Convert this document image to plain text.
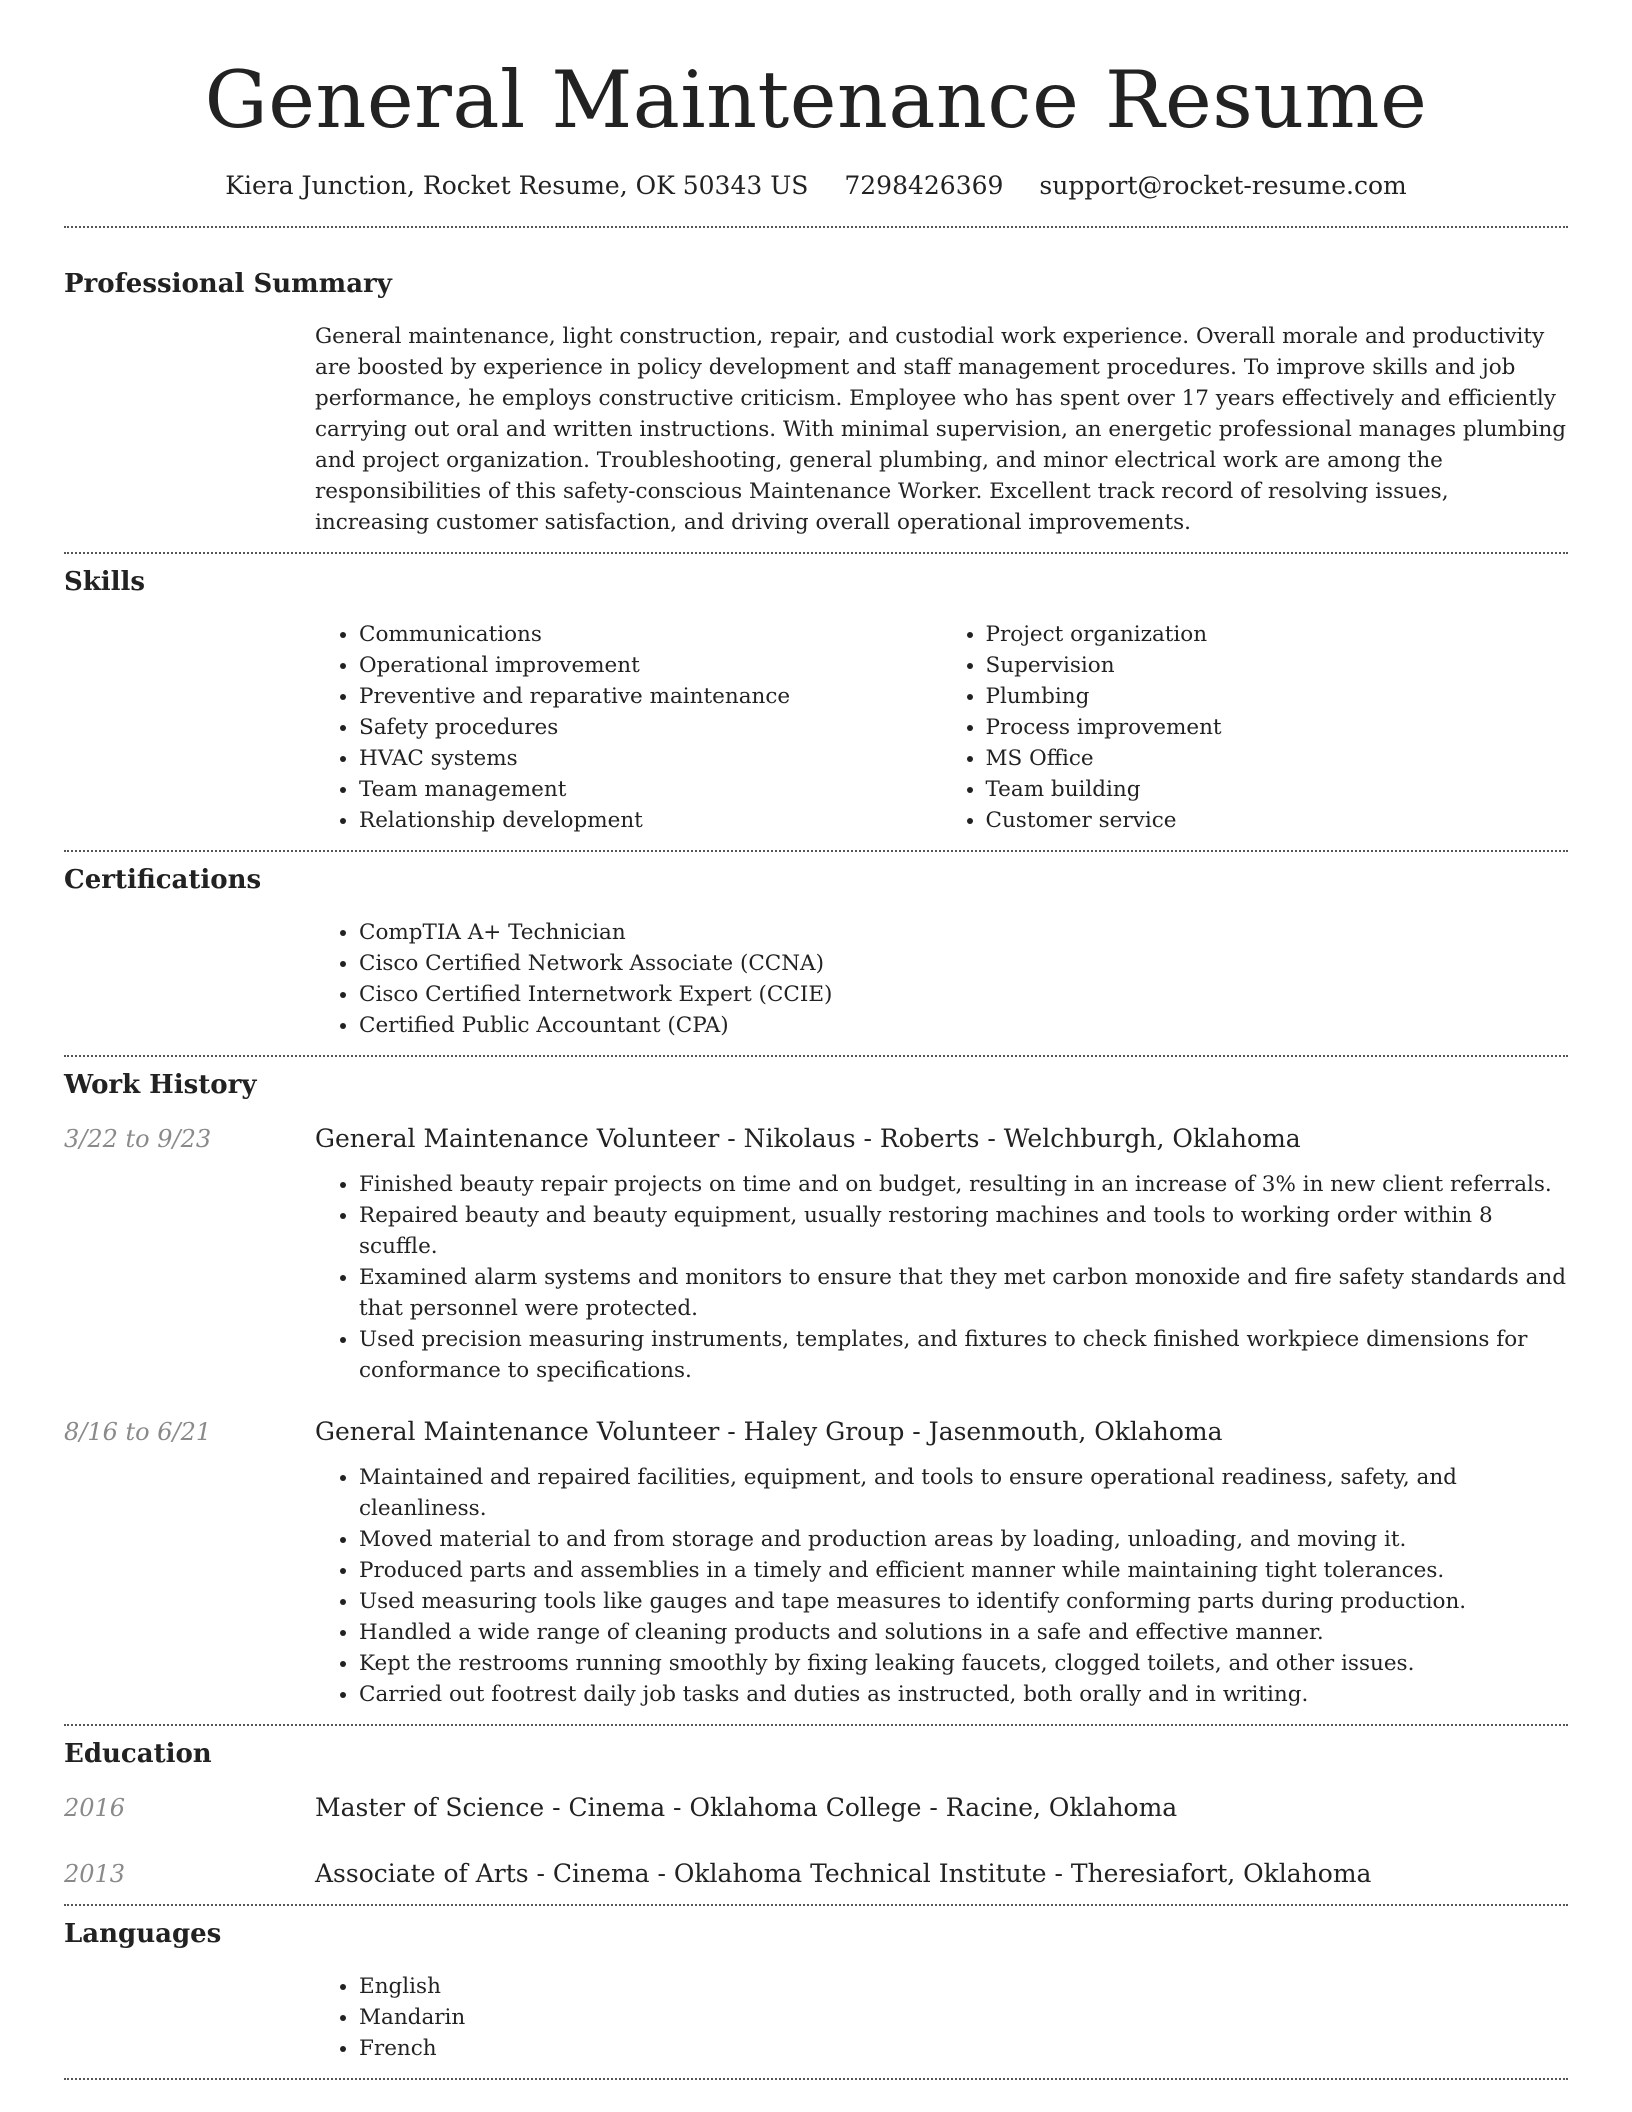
General Maintenance Resume
Kiera Junction, Rocket Resume, OK 50343 US 7298426369 support@rocket-resume.com
Professional Summary

General maintenance, light construction, repair, and custodial work experience. Overall morale and productivity are boosted by experience in policy development and staff management procedures. To improve skills and job performance, he employs constructive criticism. Employee who has spent over 17 years effectively and efficiently carrying out oral and written instructions. With minimal supervision, an energetic professional manages plumbing and project organization. Troubleshooting, general plumbing, and minor electrical work are among the responsibilities of this safety-conscious Maintenance Worker. Excellent track record of resolving issues, increasing customer satisfaction, and driving overall operational improvements.

Skills
• Communications
• Operational improvement
• Preventive and reparative maintenance
• Safety procedures
• HVAC systems
• Team management
• Relationship development
• Project organization
• Supervision
• Plumbing
• Process improvement
• MS Office
• Team building
• Customer service
Certifications
• CompTIA A+ Technician
• Cisco Certified Network Associate (CCNA)
• Cisco Certified Internetwork Expert (CCIE)
• Certified Public Accountant (CPA)
Work History
3/22 to 9/23	General Maintenance Volunteer - Nikolaus - Roberts - Welchburgh, Oklahoma
• Finished beauty repair projects on time and on budget, resulting in an increase of 3% in new client referrals.
• Repaired beauty and beauty equipment, usually restoring machines and tools to working order within 8 scuffle.
• Examined alarm systems and monitors to ensure that they met carbon monoxide and fire safety standards and that personnel were protected.
• Used precision measuring instruments, templates, and fixtures to check finished workpiece dimensions for conformance to specifications.
8/16 to 6/21	General Maintenance Volunteer - Haley Group - Jasenmouth, Oklahoma
• Maintained and repaired facilities, equipment, and tools to ensure operational readiness, safety, and cleanliness.
• Moved material to and from storage and production areas by loading, unloading, and moving it.
• Produced parts and assemblies in a timely and efficient manner while maintaining tight tolerances.
• Used measuring tools like gauges and tape measures to identify conforming parts during production.
• Handled a wide range of cleaning products and solutions in a safe and effective manner.
• Kept the restrooms running smoothly by fixing leaking faucets, clogged toilets, and other issues.
• Carried out footrest daily job tasks and duties as instructed, both orally and in writing.
Education
2016	Master of Science - Cinema - Oklahoma College - Racine, Oklahoma
2013	Associate of Arts - Cinema - Oklahoma Technical Institute - Theresiafort, Oklahoma
Languages
• English
• Mandarin
• French
